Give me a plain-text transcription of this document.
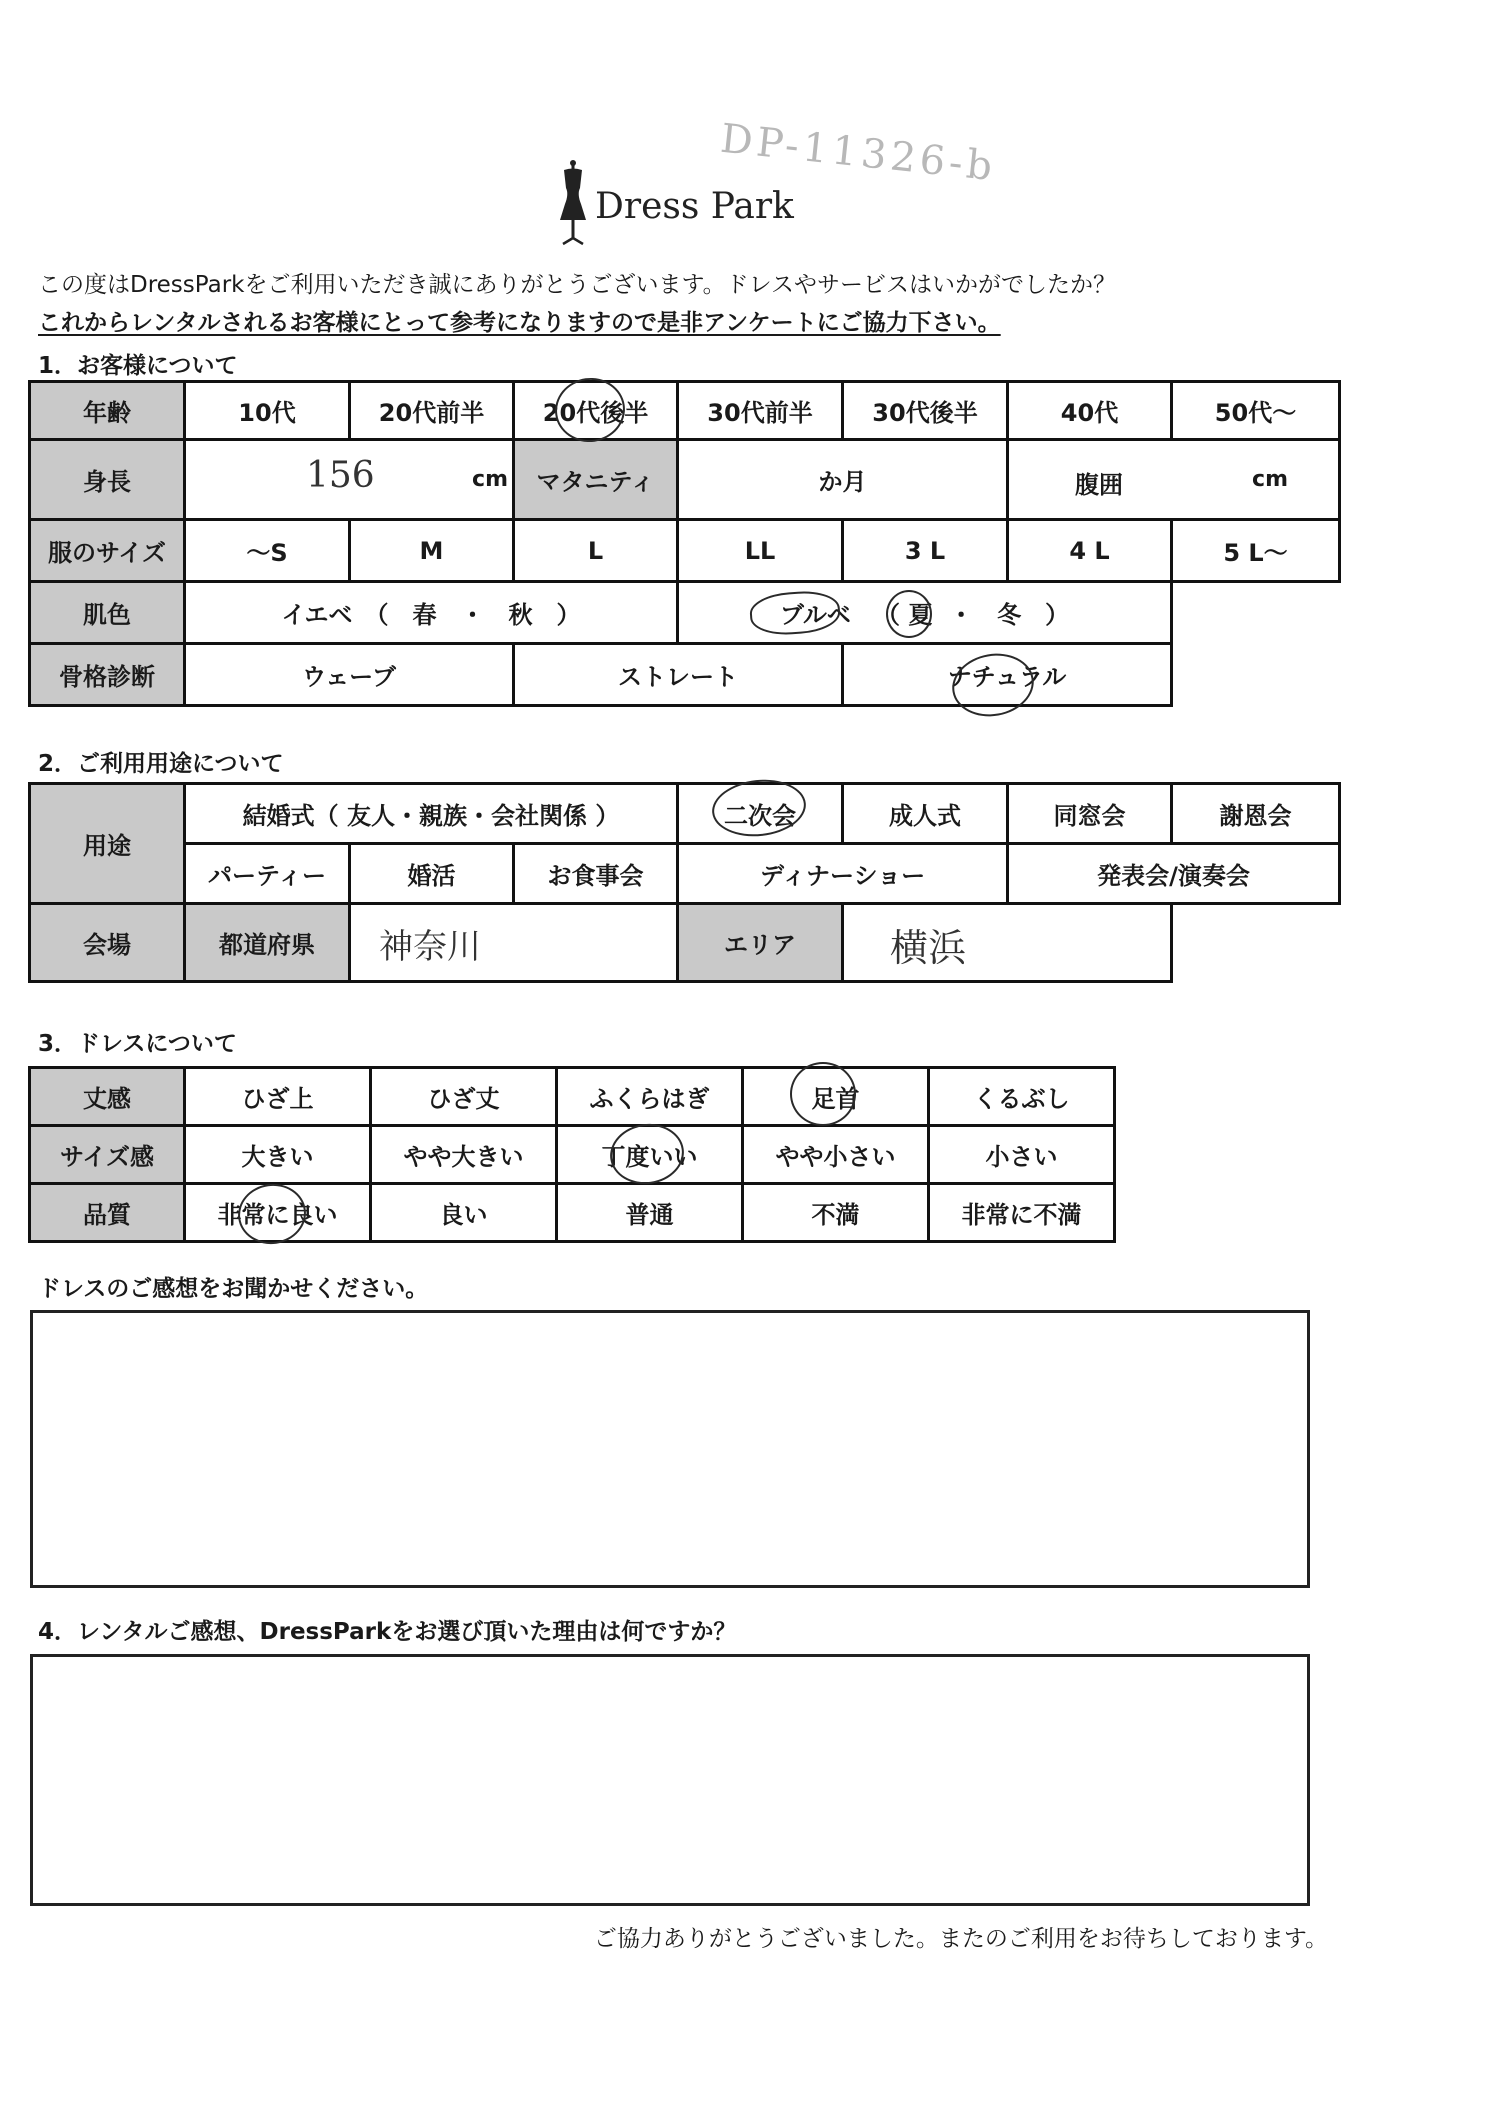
DP-11326-b
Dress Park
この度はDressParkをご利用いただき誠にありがとうございます。ドレスやサービスはいかがでしたか？
これからレンタルされるお客様にとって参考になりますので是非アンケートにご協力下さい。
1．お客様について
年齢	10代	20代前半	20代後半	30代前半	30代後半	40代	50代～
身長	156 cm		マタニティ	か月		腹囲 cm	

服のサイズ	～S	M	L	LL	3 L	4 L	5 L～
肌色	イエベ　（　春　・　秋　）			ブルベ （ 夏 ・　冬　）			
骨格診断	ウェーブ		ストレート		ナチュラル		
2．ご利用用途について
用途	結婚式（ 友人・親族・会社関係 ）			二次会	成人式	同窓会	謝恩会
	パーティー	婚活	お食事会	ディナーショー		発表会/演奏会	
会場	都道府県	神奈川		エリア	横浜		

3．ドレスについて
丈感	ひざ上	ひざ丈	ふくらはぎ	足首	くるぶし
サイズ感	大きい	やや大きい	丁度いい	やや小さい	小さい
品質	非常に良い	良い	普通	不満	非常に不満
ドレスのご感想をお聞かせください。
4．レンタルご感想、DressParkをお選び頂いた理由は何ですか？
ご協力ありがとうございました。またのご利用をお待ちしております。
